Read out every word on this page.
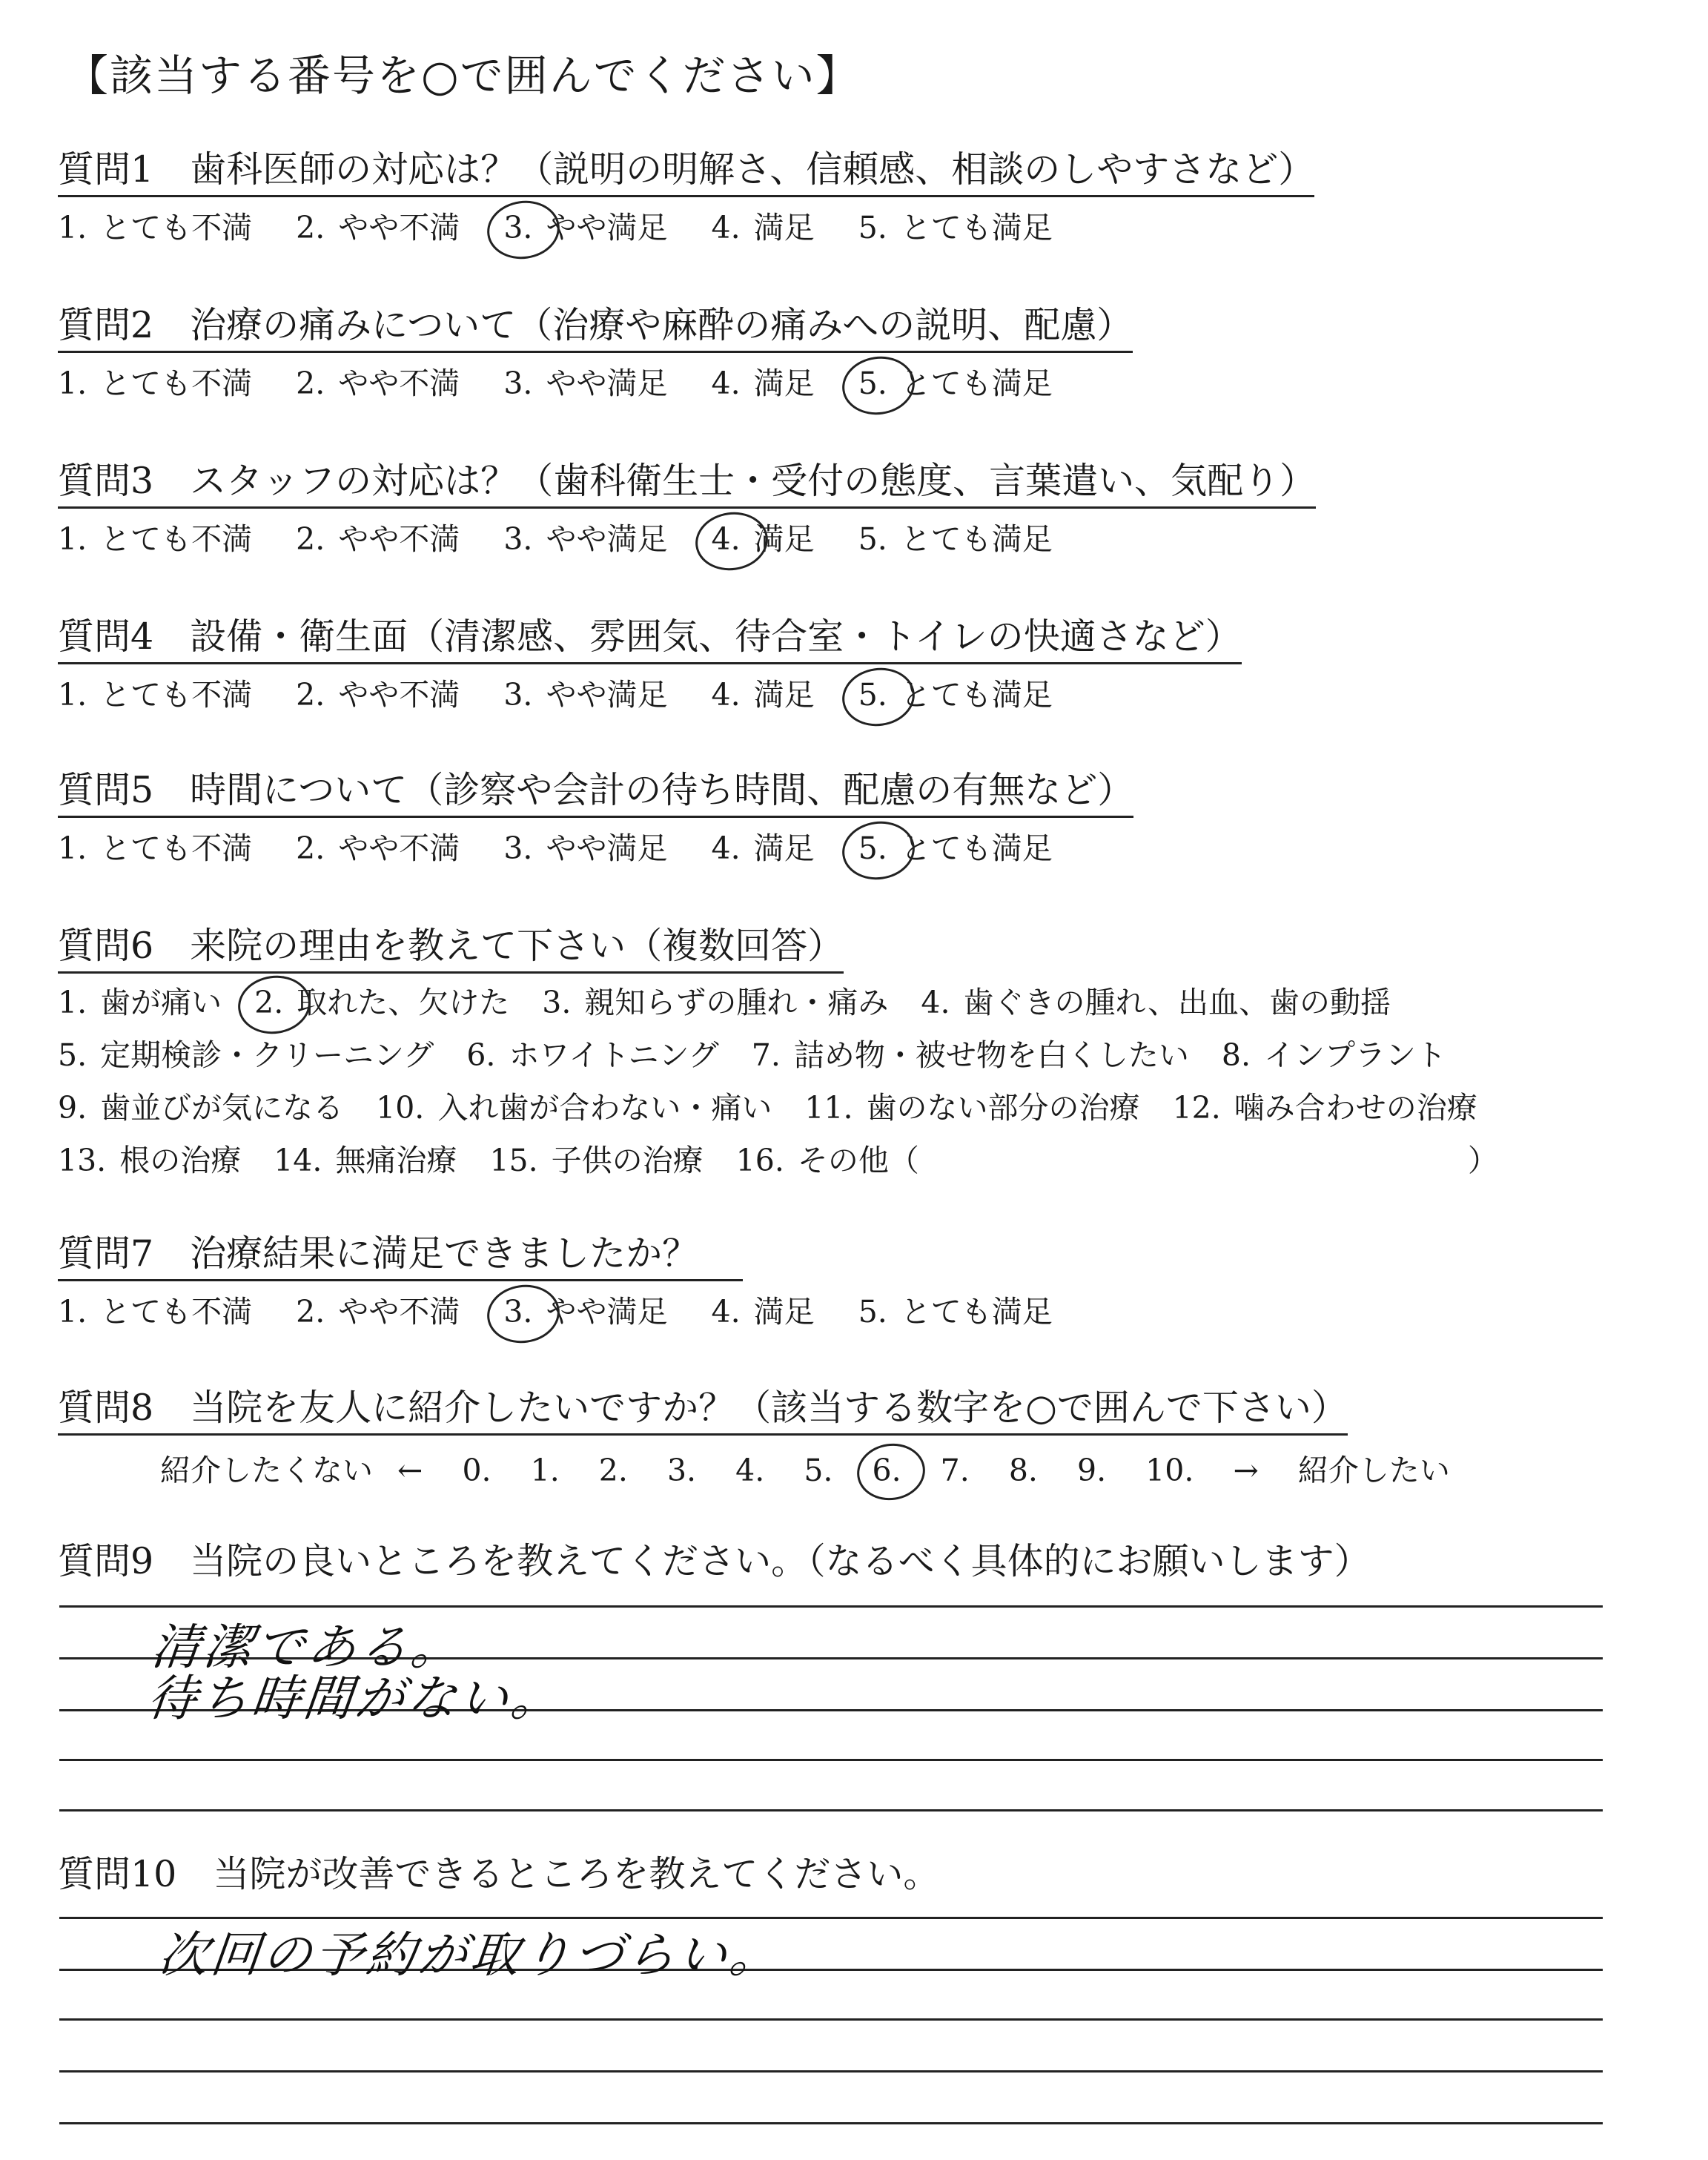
【該当する番号を○で囲んでください】
質問1　歯科医師の対応は？（説明の明解さ、信頼感、相談のしやすさなど）
1. とても不満 2. やや不満 3. やや満足 4. 満足 5. とても満足
質問2　治療の痛みについて（治療や麻酔の痛みへの説明、配慮）
1. とても不満 2. やや不満 3. やや満足 4. 満足 5. とても満足
質問3　スタッフの対応は？（歯科衛生士・受付の態度、言葉遣い、気配り）
1. とても不満 2. やや不満 3. やや満足 4. 満足 5. とても満足
質問4　設備・衛生面（清潔感、雰囲気、待合室・トイレの快適さなど）
1. とても不満 2. やや不満 3. やや満足 4. 満足 5. とても満足
質問5　時間について（診察や会計の待ち時間、配慮の有無など）
1. とても不満 2. やや不満 3. やや満足 4. 満足 5. とても満足
質問6　来院の理由を教えて下さい（複数回答）
1. 歯が痛い 2. 取れた、欠けた 3. 親知らずの腫れ・痛み 4. 歯ぐきの腫れ、出血、歯の動揺
5. 定期検診・クリーニング 6. ホワイトニング 7. 詰め物・被せ物を白くしたい 8. インプラント
9. 歯並びが気になる 10. 入れ歯が合わない・痛い 11. 歯のない部分の治療 12. 噛み合わせの治療
13. 根の治療 14. 無痛治療 15. 子供の治療 16. その他（	）
質問7　治療結果に満足できましたか？
1. とても不満 2. やや不満 3. やや満足 4. 満足 5. とても満足
質問8　当院を友人に紹介したいですか？（該当する数字を○で囲んで下さい）
紹介したくない ← 0. 1. 2. 3. 4. 5. 6. 7. 8. 9. 10. → 紹介したい
質問9　当院の良いところを教えてください。（なるべく具体的にお願いします）
清潔である。
待ち時間がない。
質問10　当院が改善できるところを教えてください。
次回の予約が取りづらい。
